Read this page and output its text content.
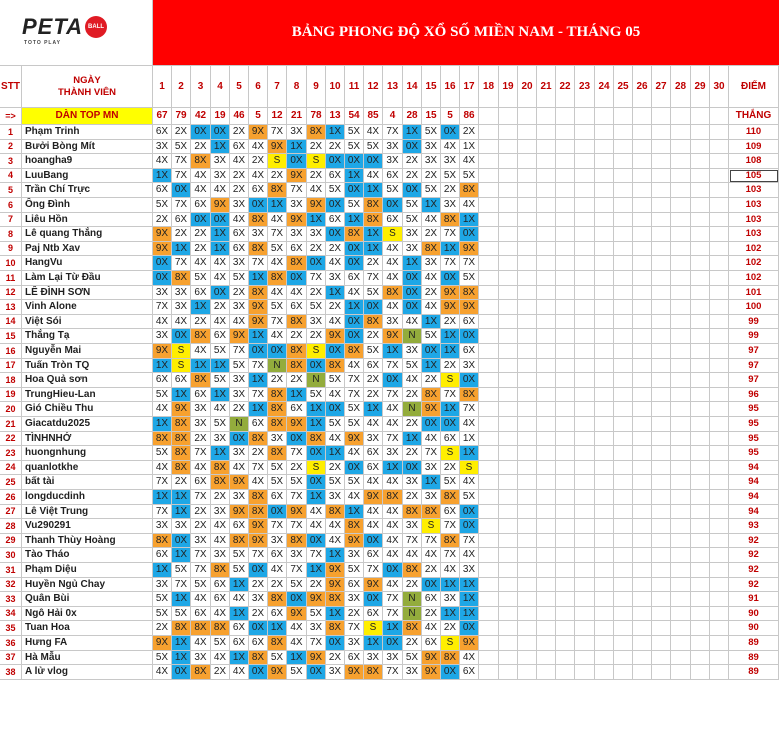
PETA BALL
TOTO PLAY
BẢNG PHONG ĐỘ XỔ SỐ MIỀN NAM - THÁNG 05
STT	NGÀY
THÀNH VIÊN
1	2	3	4	5	6	7	8	9	10 11 12 13 14 15 16 17 18 19 20 21 22 23 24 25 26 27 28 29 30	ĐIỂM
=>	DÀN TOP MN	67 79 42 19 46	5	12 21 78 13 54 85	4	28 15	5	86	THẮNG
1	Phạm Trinh	6X 2X 0X 0X 2X 9X 7X 3X 8X 1X 5X 4X 7X 1X 5X 0X 2X	110
2	Bưởi Bòng Mít	3X 5X 2X 1X 6X 4X 9X 1X 2X 2X 5X 5X 3X 0X 3X 4X 1X	109
3	hoangha9	4X 7X 8X 3X 4X 2X S	0X	S 0X 0X 0X 3X 2X 3X 3X 4X	108
4	LuuBang	1X 7X 4X 3X 2X 4X 2X 9X 2X 6X 1X 4X 6X 2X 2X 5X 5X	105
5	Trần Chí Trực	6X 0X 4X 4X 2X 6X 8X 7X 4X 5X 0X 1X 5X 0X 5X 2X 8X	103
6	Ông Đình	5X 7X 6X 9X 3X 0X 1X 3X 9X 0X 5X 8X 0X 5X 1X 3X 4X	103
7	Liêu Hồn	2X 6X 0X 0X 4X 8X 4X 9X 1X 6X 1X 8X 6X 5X 4X 8X 1X	103
8	Lê quang Thắng	9X 2X 2X 1X 6X 3X 7X 3X 3X 0X 8X 1X	S	3X 2X 7X 0X	103
9	Paj Ntb Xav	9X 1X 2X 1X 6X 8X 5X 6X 2X 2X 0X 1X 4X 3X 8X 1X 9X	102
10 HangVu	0X 7X 4X 4X 3X 7X 4X 8X 0X 4X 0X 2X 4X 1X 3X 7X 7X	102
11 Làm Lại Từ Đầu	0X 8X 5X 4X 5X 1X 8X 0X 7X 3X 6X 7X 4X 0X 4X 0X 5X	102
12 LÊ ĐÌNH SƠN	3X 3X 6X 0X 2X 8X 4X 4X 2X 1X 4X 5X 8X 0X 2X 9X 8X	101
13 Vinh Alone	7X 3X 1X 2X 3X 9X 5X 6X 5X 2X 1X 0X 4X 0X 4X 9X 9X	100
14 Việt Sói	4X 4X 2X 4X 4X 9X 7X 8X 3X 4X 0X 8X 3X 4X 1X 2X 6X	99
15 Thắng Tạ	3X 0X 8X 6X 9X 1X 4X 2X 2X 9X 0X 2X 9X N 5X 1X 0X	99
16 Nguyễn Mai	9X S	4X 5X 7X 0X 0X 8X	S 0X 8X 5X 1X 3X 0X 1X 6X	97
17 Tuấn Tròn TQ	1X S	1X 1X 5X 7X N 8X 0X 8X 4X 6X 7X 5X 1X 2X 3X	97
18 Hoa Quả sơn	6X 6X 8X 5X 3X 1X 2X 2X N 5X 7X 2X 0X 4X 2X S 0X	97
19 TrungHieu-Lan	5X 1X 6X 1X 3X 7X 8X 1X 5X 4X 7X 2X 7X 2X 8X 7X 8X	96
20 Gió Chiều Thu	4X 9X 3X 4X 2X 1X 8X 6X 1X 0X 5X 1X 4X N 9X 1X 7X	95
21 Giacatdu2025	1X 8X 3X 5X N 6X 8X 9X 1X 5X 5X 4X 4X 2X 0X 0X 4X	95
22 TÌNHNHỚ	8X 8X 2X 3X 0X 8X 3X 0X 8X 4X 9X 3X 7X 1X 4X 6X 1X	95
23 huongnhung	5X 8X 7X 1X 3X 2X 8X 7X 0X 1X 4X 6X 3X 2X 7X S 1X	95
24 quanlotkhe	4X 8X 4X 8X 4X 7X 5X 2X	S 2X 0X 6X 1X 0X 3X 2X S	94
25 bất tài	7X 2X 6X 8X 9X 4X 5X 5X 0X 5X 5X 4X 4X 3X 1X 5X 4X	94
26 longducdinh	1X 1X 7X 2X 3X 8X 6X 7X 1X 3X 4X 9X 8X 2X 3X 8X 5X	94
27 Lê Việt Trung	7X 1X 2X 3X 9X 8X 0X 9X 4X 8X 1X 4X 4X 8X 8X 6X 0X	94
28 Vu290291	3X 3X 2X 4X 6X 9X 7X 7X 4X 4X 8X 4X 4X 3X S 7X 0X	93
29 Thanh Thùy Hoàng	8X 0X 3X 4X 8X 9X 3X 8X 0X 4X 9X 0X 4X 7X 7X 8X 7X	92
30 Tào Tháo	6X 1X 7X 3X 5X 7X 6X 3X 7X 1X 3X 6X 4X 4X 4X 7X 4X	92
31 Phạm Diệu	1X 5X 7X 8X 5X 0X 4X 7X 1X 9X 5X 7X 0X 8X 2X 4X 3X	92
32 Huyền Ngủ Chay	3X 7X 5X 6X 1X 2X 2X 5X 2X 9X 6X 9X 4X 2X 0X 1X 1X	92
33 Quân Bùi	5X 1X 4X 6X 4X 3X 8X 0X 9X 8X 3X 0X 7X N 6X 3X 1X	91
34 Ngô Hải 0x	5X 5X 6X 4X 1X 2X 6X 9X 5X 1X 2X 6X 7X N 2X 1X 1X	90
35 Tuan Hoa	2X 8X 8X 8X 6X 0X 1X 4X 3X 8X 7X S	1X 8X 4X 2X 0X	90
36 Hưng FA	9X 1X 4X 5X 6X 6X 8X 4X 7X 0X 3X 1X 0X 2X 6X S 9X	89
37 Hà Mẫu	5X 1X 3X 4X 1X 8X 5X 1X 9X 2X 6X 3X 3X 5X 9X 8X 4X	89
38 A lử vlog	4X 0X 8X 2X 4X 0X 9X 5X 0X 3X 9X 8X 7X 3X 9X 0X 6X	89
